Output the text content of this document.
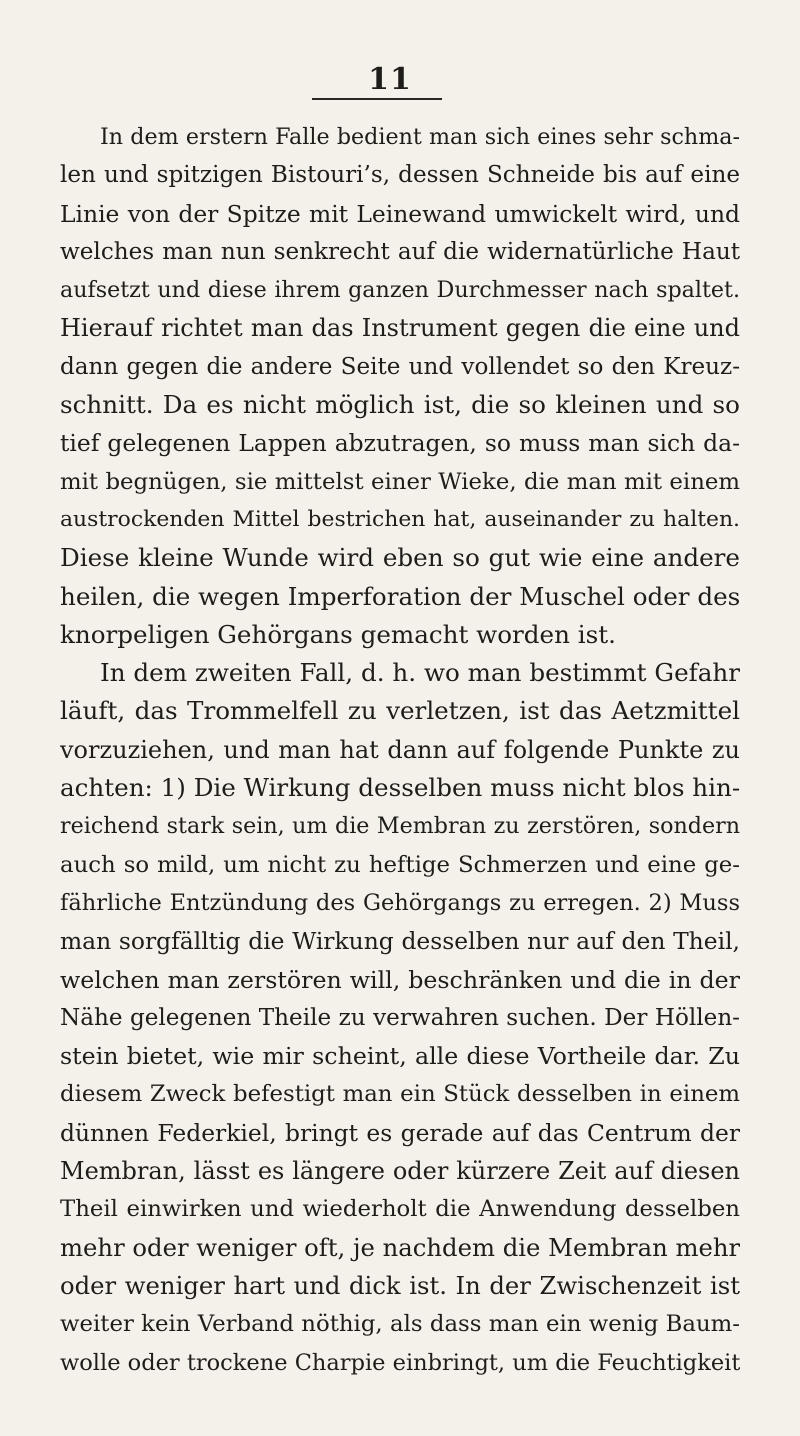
11
In dem erstern Falle bedient man sich eines sehr schma-
len und spitzigen Bistouri’s, dessen Schneide bis auf eine
Linie von der Spitze mit Leinewand umwickelt wird, und
welches man nun senkrecht auf die widernatürliche Haut
aufsetzt und diese ihrem ganzen Durchmesser nach spaltet.
Hierauf richtet man das Instrument gegen die eine und
dann gegen die andere Seite und vollendet so den Kreuz-
schnitt. Da es nicht möglich ist, die so kleinen und so
tief gelegenen Lappen abzutragen, so muss man sich da-
mit begnügen, sie mittelst einer Wieke, die man mit einem
austrockenden Mittel bestrichen hat, auseinander zu halten.
Diese kleine Wunde wird eben so gut wie eine andere
heilen, die wegen Imperforation der Muschel oder des
knorpeligen Gehörgans gemacht worden ist.
In dem zweiten Fall, d. h. wo man bestimmt Gefahr
läuft, das Trommelfell zu verletzen, ist das Aetzmittel
vorzuziehen, und man hat dann auf folgende Punkte zu
achten: 1) Die Wirkung desselben muss nicht blos hin-
reichend stark sein, um die Membran zu zerstören, sondern
auch so mild, um nicht zu heftige Schmerzen und eine ge-
fährliche Entzündung des Gehörgangs zu erregen. 2) Muss
man sorgfälltig die Wirkung desselben nur auf den Theil,
welchen man zerstören will, beschränken und die in der
Nähe gelegenen Theile zu verwahren suchen. Der Höllen-
stein bietet, wie mir scheint, alle diese Vortheile dar. Zu
diesem Zweck befestigt man ein Stück desselben in einem
dünnen Federkiel, bringt es gerade auf das Centrum der
Membran, lässt es längere oder kürzere Zeit auf diesen
Theil einwirken und wiederholt die Anwendung desselben
mehr oder weniger oft, je nachdem die Membran mehr
oder weniger hart und dick ist. In der Zwischenzeit ist
weiter kein Verband nöthig, als dass man ein wenig Baum-
wolle oder trockene Charpie einbringt, um die Feuchtigkeit
